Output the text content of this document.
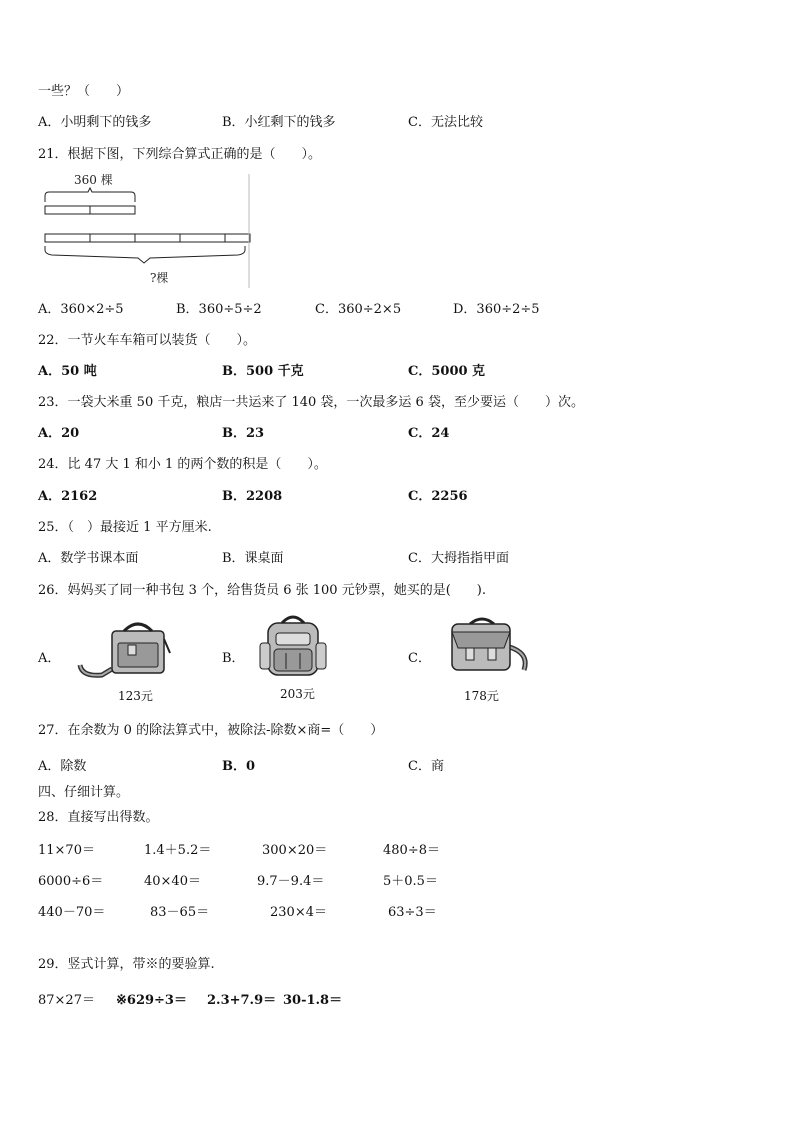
一些？（　　）
A．小明剩下的钱多	B．小红剩下的钱多	C．无法比较
21．根据下图，下列综合算式正确的是（　　）。
360 棵
?棵
A．360×2÷5	B．360÷5÷2	C．360÷2×5	D．360÷2÷5
22．一节火车车箱可以装货（　　）。
A．50 吨	B．500 千克	C．5000 克
23．一袋大米重 50 千克，粮店一共运来了 140 袋，一次最多运 6 袋，至少要运（　　）次。
A．20	B．23	C．24
24．比 47 大 1 和小 1 的两个数的积是（　　）。
A．2162	B．2208	C．2256
25．（　）最接近 1 平方厘米.
A．数学书课本面	B．课桌面	C．大拇指指甲面
26．妈妈买了同一种书包 3 个，给售货员 6 张 100 元钞票，她买的是(　　).
A．
123元
B．
203元
C．
178元
27．在余数为 0 的除法算式中，被除法-除数×商=（　　）
A．除数	B．0	C．商
四、仔细计算。
28．直接写出得数。
11×70＝	1.4＋5.2＝	300×20＝	480÷8＝
6000÷6＝	40×40＝	9.7－9.4＝	5＋0.5＝
440－70＝	83－65＝	230×4＝	63÷3＝
29．竖式计算，带※的要验算.
87×27＝ ※629÷3＝ 2.3+7.9＝ 30-1.8＝
